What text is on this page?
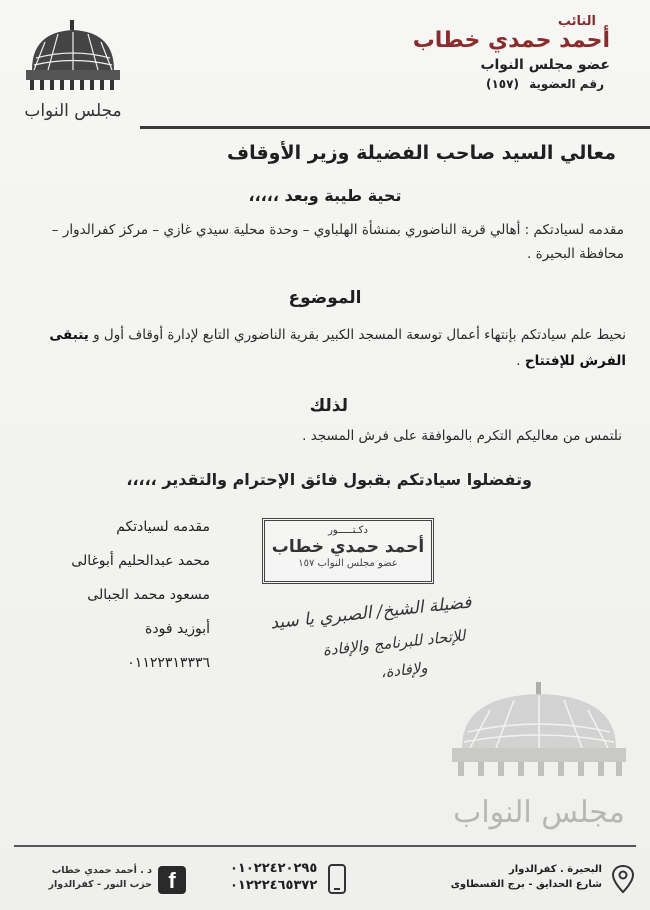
النائب
أحمد حمدي خطاب
عضو مجلس النواب
رقم العضوية (١٥٧)
مجلس النواب
معالي السيد صاحب الفضيلة وزير الأوقاف
تحية طيبة وبعد ،،،،،
مقدمه لسيادتكم : أهالي قرية الناضوري بمنشأة الهلباوي – وحدة محلية سيدي غازي – مركز كفرالدوار – محافظة البحيرة .
الموضوع
نحيط علم سيادتكم بإنتهاء أعمال توسعة المسجد الكبير بقرية الناضوري التابع لإدارة أوقاف أول و يتبقى الفرش للإفتتاح .
لذلك
نلتمس من معاليكم التكرم بالموافقة على فرش المسجد .
وتفضلوا سيادتكم بقبول فائق الإحترام والتقدير ،،،،،
مقدمه لسيادتكم
محمد عبدالحليم أبوغالى
مسعود محمد الجبالى
أبوزيد فودة
٠١١٢٢٣١٣٣٣٦
دكـتـــــور
أحمد حمدي خطاب
عضو مجلس النواب ١٥٧
فضيلة الشيخ/ الصبري يا سيد
للإتحاد للبرنامج والإفادة
ولإفادة،
مجلس النواب
البحيرة . كفرالدوار
شارع الحدايق - برج القسطاوى
٠١٠٢٢٤٢٠٢٩٥
٠١٢٢٢٤٦٥٣٧٢
f
د . أحمد حمدي خطاب
حزب النور - كفرالدوار
